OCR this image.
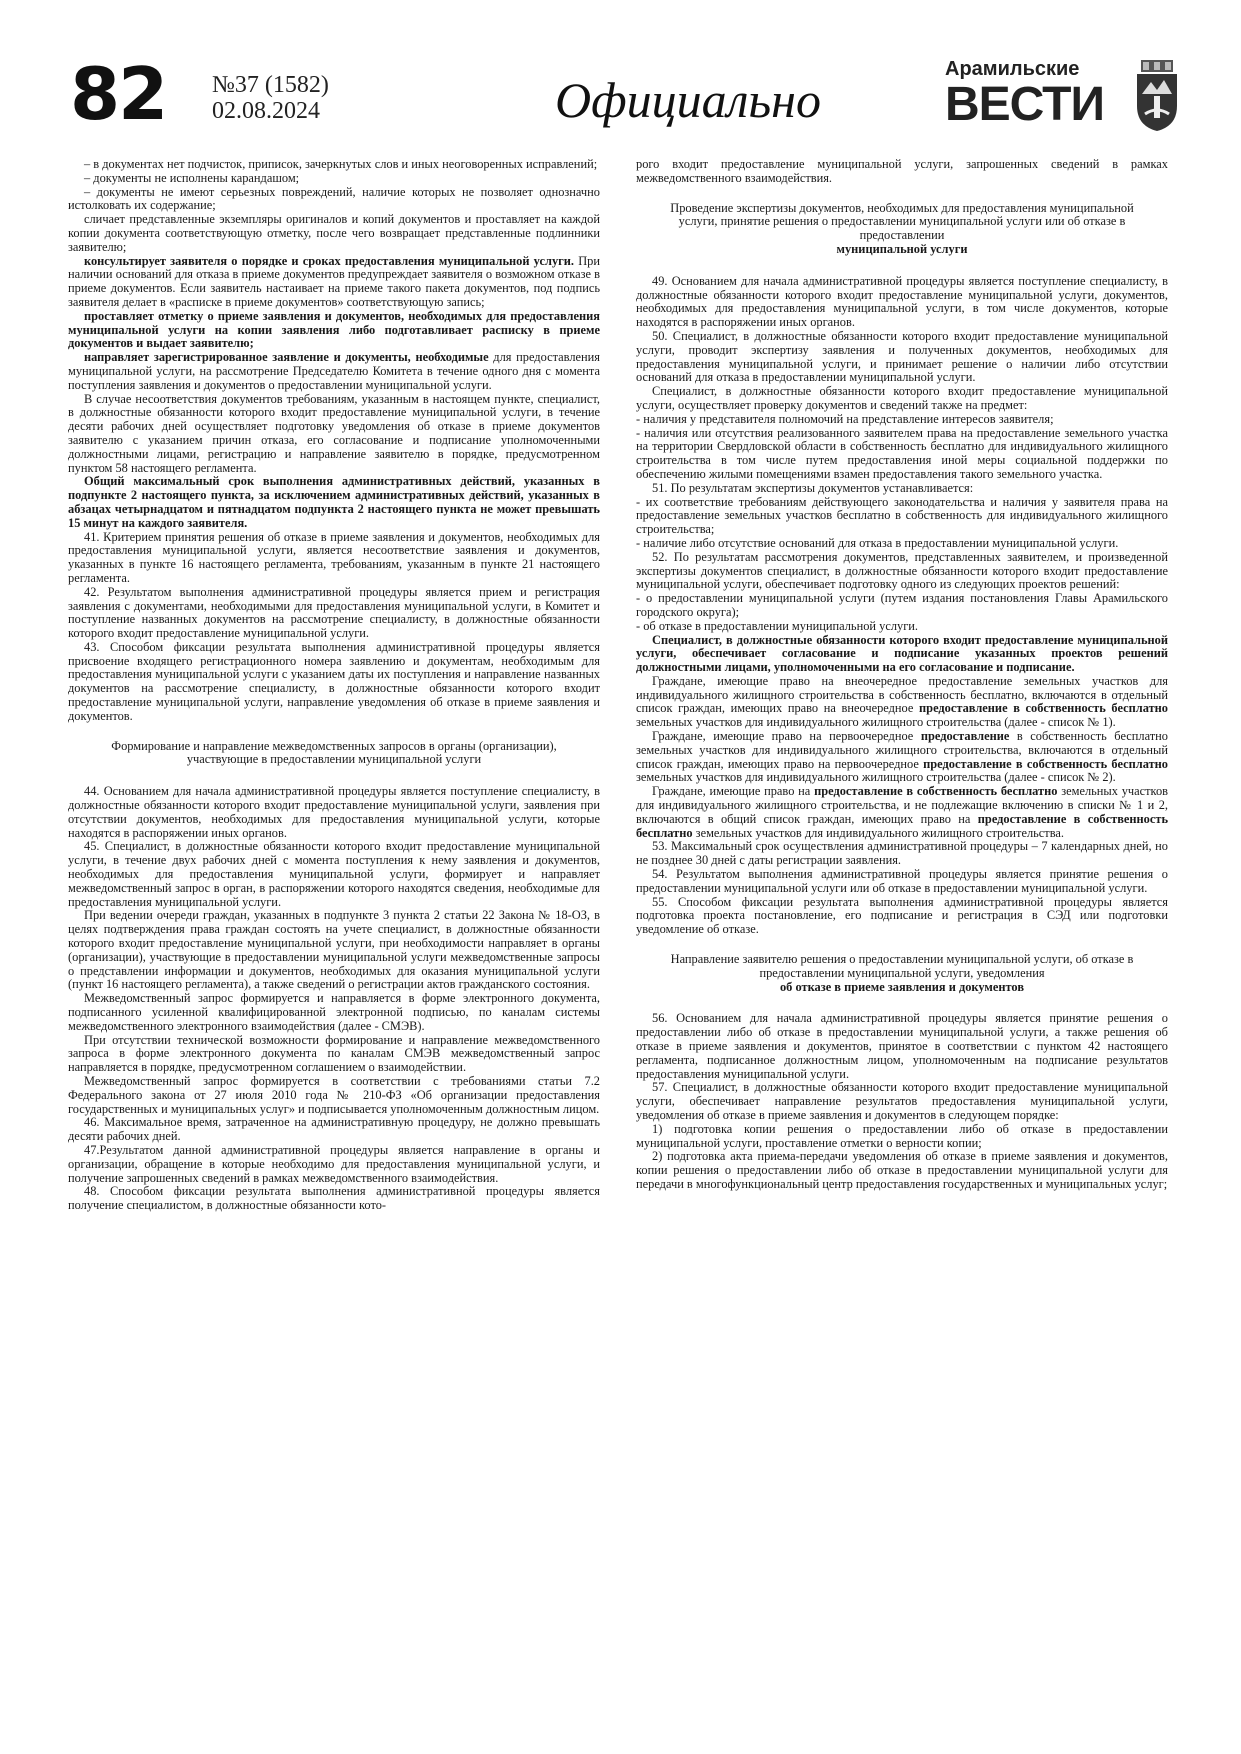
82 №37 (1582)
02.08.2024	Официально
Арамильские
ВЕСТИ

– в документах нет подчисток, приписок, зачеркнутых слов и иных неоговоренных исправлений;

– документы не исполнены карандашом;

– документы не имеют серьезных повреждений, наличие которых не позволяет однозначно истолковать их содержание;

сличает представленные экземпляры оригиналов и копий документов и проставляет на каждой копии документа соответствующую отметку, после чего возвращает представленные подлинники заявителю;

консультирует заявителя о порядке и сроках предоставления муниципальной услуги. При наличии оснований для отказа в приеме документов предупреждает заявителя о возможном отказе в приеме документов. Если заявитель настаивает на приеме такого пакета документов, под подпись заявителя делает в «расписке в приеме документов» соответствующую запись;

проставляет отметку о приеме заявления и документов, необходимых для предоставления муниципальной услуги на копии заявления либо подготавливает расписку в приеме документов и выдает заявителю;

направляет зарегистрированное заявление и документы, необходимые для предоставления муниципальной услуги, на рассмотрение Председателю Комитета в течение одного дня с момента поступления заявления и документов о предоставлении муниципальной услуги.

В случае несоответствия документов требованиям, указанным в настоящем пункте, специалист, в должностные обязанности которого входит предоставление муниципальной услуги, в течение десяти рабочих дней осуществляет подготовку уведомления об отказе в приеме документов заявителю с указанием причин отказа, его согласование и подписание уполномоченными должностными лицами, регистрацию и направление заявителю в порядке, предусмотренном пунктом 58 настоящего регламента.

Общий максимальный срок выполнения административных действий, указанных в подпункте 2 настоящего пункта, за исключением административных действий, указанных в абзацах четырнадцатом и пятнадцатом подпункта 2 настоящего пункта не может превышать 15 минут на каждого заявителя.

41. Критерием принятия решения об отказе в приеме заявления и документов, необходимых для предоставления муниципальной услуги, является несоответствие заявления и документов, указанных в пункте 16 настоящего регламента, требованиям, указанным в пункте 21 настоящего регламента.

42. Результатом выполнения административной процедуры является прием и регистрация заявления с документами, необходимыми для предоставления муниципальной услуги, в Комитет и поступление названных документов на рассмотрение специалисту, в должностные обязанности которого входит предоставление муниципальной услуги.

43. Способом фиксации результата выполнения административной процедуры является присвоение входящего регистрационного номера заявлению и документам, необходимым для предоставления муниципальной услуги с указанием даты их поступления и направление названных документов на рассмотрение специалисту, в должностные обязанности которого входит предоставление муниципальной услуги, направление уведомления об отказе в приеме заявления и документов.

Формирование и направление межведомственных запросов в органы (организации), участвующие в предоставлении муниципальной услуги

44. Основанием для начала административной процедуры является поступление специалисту, в должностные обязанности которого входит предоставление муниципальной услуги, заявления при отсутствии документов, необходимых для предоставления муниципальной услуги, которые находятся в распоряжении иных органов.

45. Специалист, в должностные обязанности которого входит предоставление муниципальной услуги, в течение двух рабочих дней с момента поступления к нему заявления и документов, необходимых для предоставления муниципальной услуги, формирует и направляет межведомственный запрос в орган, в распоряжении которого находятся сведения, необходимые для предоставления муниципальной услуги.

При ведении очереди граждан, указанных в подпункте 3 пункта 2 статьи 22 Закона № 18-ОЗ, в целях подтверждения права граждан состоять на учете специалист, в должностные обязанности которого входит предоставление муниципальной услуги, при необходимости направляет в органы (организации), участвующие в предоставлении муниципальной услуги межведомственные запросы о представлении информации и документов, необходимых для оказания муниципальной услуги (пункт 16 настоящего регламента), а также сведений о регистрации актов гражданского состояния.

Межведомственный запрос формируется и направляется в форме электронного документа, подписанного усиленной квалифицированной электронной подписью, по каналам системы межведомственного электронного взаимодействия (далее - СМЭВ).

При отсутствии технической возможности формирование и направление межведомственного запроса в форме электронного документа по каналам СМЭВ межведомственный запрос направляется в порядке, предусмотренном соглашением о взаимодействии.

Межведомственный запрос формируется в соответствии с требованиями статьи 7.2 Федерального закона от 27 июля 2010 года № 210-ФЗ «Об организации предоставления государственных и муниципальных услуг» и подписывается уполномоченным должностным лицом.

46. Максимальное время, затраченное на административную процедуру, не должно превышать десяти рабочих дней.

47.Результатом данной административной процедуры является направление в органы и организации, обращение в которые необходимо для предоставления муниципальной услуги, и получение запрошенных сведений в рамках межведомственного взаимодействия.

48. Способом фиксации результата выполнения административной процедуры является получение специалистом, в должностные обязанности кото-

рого входит предоставление муниципальной услуги, запрошенных сведений в рамках межведомственного взаимодействия.

Проведение экспертизы документов, необходимых для предоставления муниципальной услуги, принятие решения о предоставлении муниципальной услуги или об отказе в предоставлении
муниципальной услуги

49. Основанием для начала административной процедуры является поступление специалисту, в должностные обязанности которого входит предоставление муниципальной услуги, документов, необходимых для предоставления муниципальной услуги, в том числе документов, которые находятся в распоряжении иных органов.

50. Специалист, в должностные обязанности которого входит предоставление муниципальной услуги, проводит экспертизу заявления и полученных документов, необходимых для предоставления муниципальной услуги, и принимает решение о наличии либо отсутствии оснований для отказа в предоставлении муниципальной услуги.

Специалист, в должностные обязанности которого входит предоставление муниципальной услуги, осуществляет проверку документов и сведений также на предмет:

- наличия у представителя полномочий на представление интересов заявителя;

- наличия или отсутствия реализованного заявителем права на предоставление земельного участка на территории Свердловской области в собственность бесплатно для индивидуального жилищного строительства в том числе путем предоставления иной меры социальной поддержки по обеспечению жилыми помещениями взамен предоставления такого земельного участка.

51. По результатам экспертизы документов устанавливается:

- их соответствие требованиям действующего законодательства и наличия у заявителя права на предоставление земельных участков бесплатно в собственность для индивидуального жилищного строительства;

- наличие либо отсутствие оснований для отказа в предоставлении муниципальной услуги.

52. По результатам рассмотрения документов, представленных заявителем, и произведенной экспертизы документов специалист, в должностные обязанности которого входит предоставление муниципальной услуги, обеспечивает подготовку одного из следующих проектов решений:

- о предоставлении муниципальной услуги (путем издания постановления Главы Арамильского городского округа);

- об отказе в предоставлении муниципальной услуги.

Специалист, в должностные обязанности которого входит предоставление муниципальной услуги, обеспечивает согласование и подписание указанных проектов решений должностными лицами, уполномоченными на его согласование и подписание.

Граждане, имеющие право на внеочередное предоставление земельных участков для индивидуального жилищного строительства в собственность бесплатно, включаются в отдельный список граждан, имеющих право на внеочередное предоставление в собственность бесплатно земельных участков для индивидуального жилищного строительства (далее - список № 1).

Граждане, имеющие право на первоочередное предоставление в собственность бесплатно земельных участков для индивидуального жилищного строительства, включаются в отдельный список граждан, имеющих право на первоочередное предоставление в собственность бесплатно земельных участков для индивидуального жилищного строительства (далее - список № 2).

Граждане, имеющие право на предоставление в собственность бесплатно земельных участков для индивидуального жилищного строительства, и не подлежащие включению в списки № 1 и 2, включаются в общий список граждан, имеющих право на предоставление в собственность бесплатно земельных участков для индивидуального жилищного строительства.

53. Максимальный срок осуществления административной процедуры – 7 календарных дней, но не позднее 30 дней с даты регистрации заявления.

54. Результатом выполнения административной процедуры является принятие решения о предоставлении муниципальной услуги или об отказе в предоставлении муниципальной услуги.

55. Способом фиксации результата выполнения административной процедуры является подготовка проекта постановление, его подписание и регистрация в СЭД или подготовки уведомление об отказе.

Направление заявителю решения о предоставлении муниципальной услуги, об отказе в предоставлении муниципальной услуги, уведомления
об отказе в приеме заявления и документов

56. Основанием для начала административной процедуры является принятие решения о предоставлении либо об отказе в предоставлении муниципальной услуги, а также решения об отказе в приеме заявления и документов, принятое в соответствии с пунктом 42 настоящего регламента, подписанное должностным лицом, уполномоченным на подписание результатов предоставления муниципальной услуги.

57. Специалист, в должностные обязанности которого входит предоставление муниципальной услуги, обеспечивает направление результатов предоставления муниципальной услуги, уведомления об отказе в приеме заявления и документов в следующем порядке:

1) подготовка копии решения о предоставлении либо об отказе в предоставлении муниципальной услуги, проставление отметки о верности копии;

2) подготовка акта приема-передачи уведомления об отказе в приеме заявления и документов, копии решения о предоставлении либо об отказе в предоставлении муниципальной услуги для передачи в многофункциональный центр предоставления государственных и муниципальных услуг;
